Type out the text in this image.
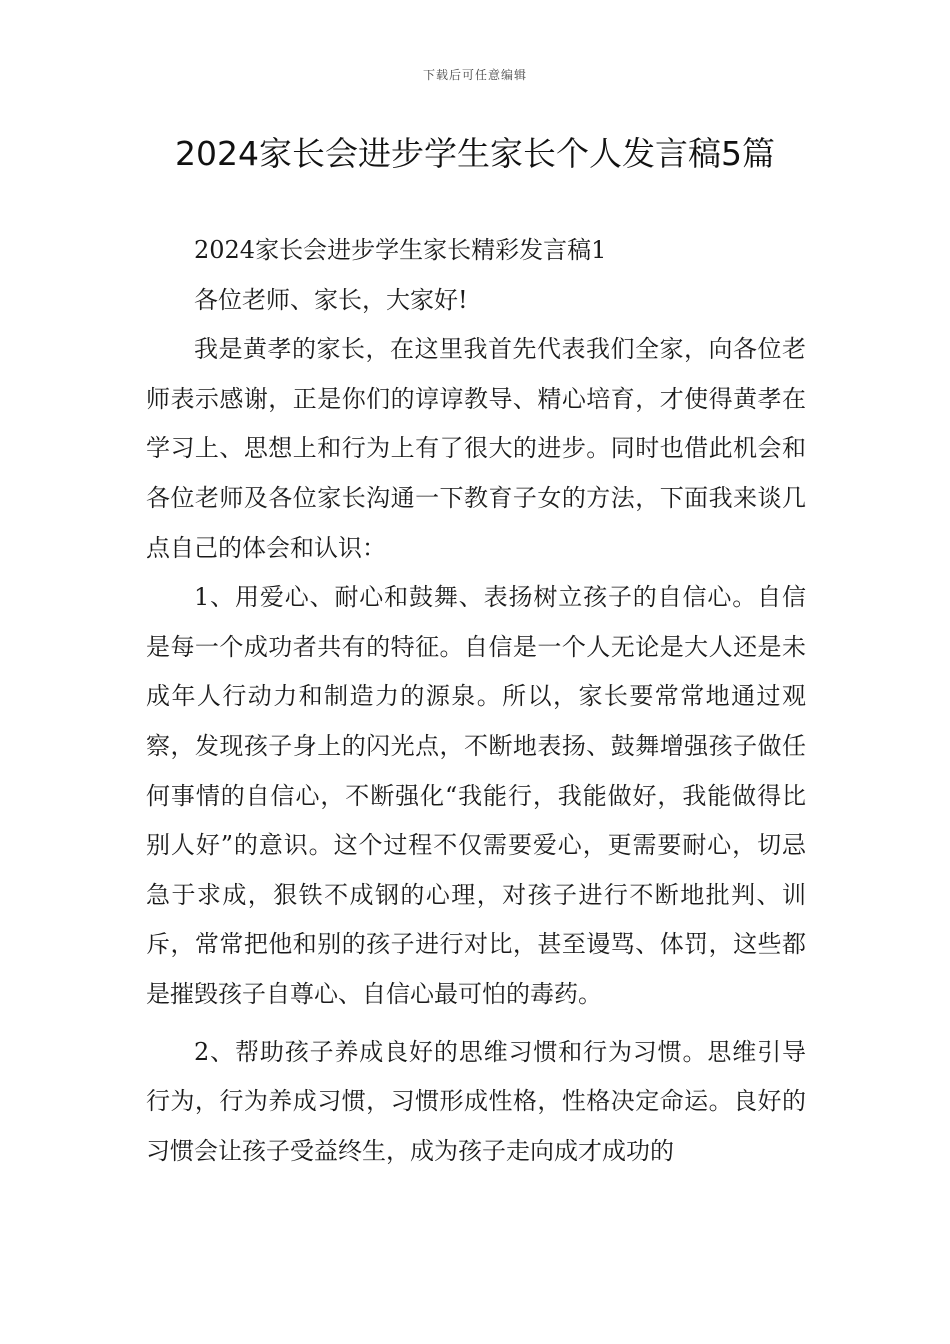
下载后可任意编辑
2024家长会进步学生家长个人发言稿5篇

2024家长会进步学生家长精彩发言稿1

各位老师、家长，大家好!

我是黄孝的家长，在这里我首先代表我们全家，向各位老师表示感谢，正是你们的谆谆教导、精心培育，才使得黄孝在学习上、思想上和行为上有了很大的进步。同时也借此机会和各位老师及各位家长沟通一下教育子女的方法，下面我来谈几点自己的体会和认识：

1、用爱心、耐心和鼓舞、表扬树立孩子的自信心。自信是每一个成功者共有的特征。自信是一个人无论是大人还是未成年人行动力和制造力的源泉。所以，家长要常常地通过观察，发现孩子身上的闪光点，不断地表扬、鼓舞增强孩子做任何事情的自信心，不断强化“我能行，我能做好，我能做得比别人好”的意识。这个过程不仅需要爱心，更需要耐心，切忌急于求成，狠铁不成钢的心理，对孩子进行不断地批判、训斥，常常把他和别的孩子进行对比，甚至谩骂、体罚，这些都是摧毁孩子自尊心、自信心最可怕的毒药。

2、帮助孩子养成良好的思维习惯和行为习惯。思维引导行为，行为养成习惯，习惯形成性格，性格决定命运。良好的习惯会让孩子受益终生，成为孩子走向成才成功的
